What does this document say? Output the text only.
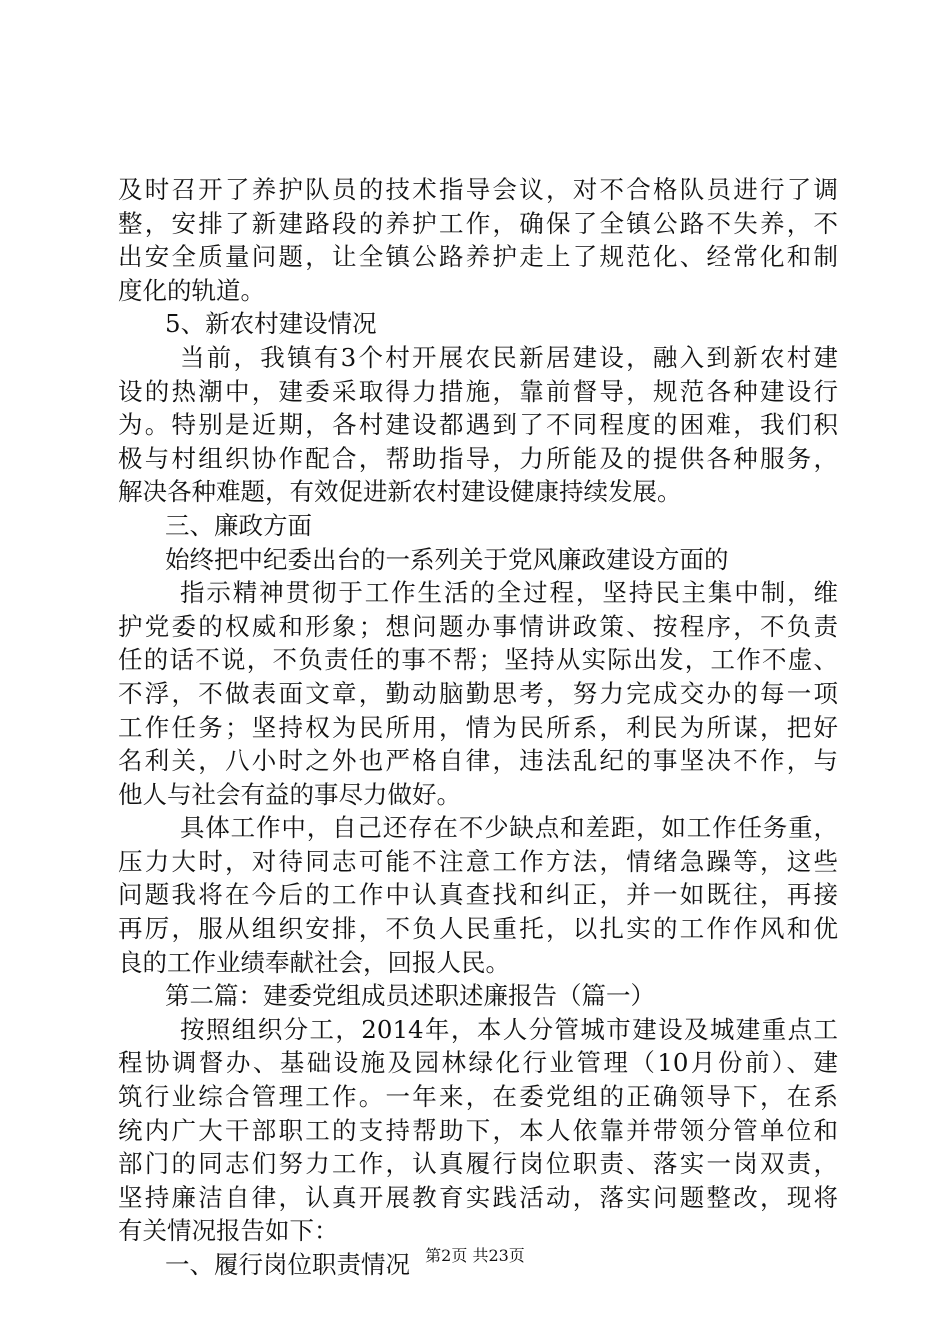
及时召开了养护队员的技术指导会议，对不合格队员进行了调
整，安排了新建路段的养护工作，确保了全镇公路不失养，不
出安全质量问题，让全镇公路养护走上了规范化、经常化和制
度化的轨道。
5、新农村建设情况
当前，我镇有3个村开展农民新居建设，融入到新农村建
设的热潮中，建委采取得力措施，靠前督导，规范各种建设行
为。特别是近期，各村建设都遇到了不同程度的困难，我们积
极与村组织协作配合，帮助指导，力所能及的提供各种服务，
解决各种难题，有效促进新农村建设健康持续发展。
三、廉政方面
始终把中纪委出台的一系列关于党风廉政建设方面的
指示精神贯彻于工作生活的全过程，坚持民主集中制，维
护党委的权威和形象；想问题办事情讲政策、按程序，不负责
任的话不说，不负责任的事不帮；坚持从实际出发，工作不虚、
不浮，不做表面文章，勤动脑勤思考，努力完成交办的每一项
工作任务；坚持权为民所用，情为民所系，利民为所谋，把好
名利关，八小时之外也严格自律，违法乱纪的事坚决不作，与
他人与社会有益的事尽力做好。
具体工作中，自己还存在不少缺点和差距，如工作任务重，
压力大时，对待同志可能不注意工作方法，情绪急躁等，这些
问题我将在今后的工作中认真查找和纠正，并一如既往，再接
再厉，服从组织安排，不负人民重托，以扎实的工作作风和优
良的工作业绩奉献社会，回报人民。
第二篇：建委党组成员述职述廉报告（篇一）
按照组织分工，2014年，本人分管城市建设及城建重点工
程协调督办、基础设施及园林绿化行业管理（10月份前）、建
筑行业综合管理工作。一年来，在委党组的正确领导下，在系
统内广大干部职工的支持帮助下，本人依靠并带领分管单位和
部门的同志们努力工作，认真履行岗位职责、落实一岗双责，
坚持廉洁自律，认真开展教育实践活动，落实问题整改，现将
有关情况报告如下：
一、履行岗位职责情况 第2页 共23页
